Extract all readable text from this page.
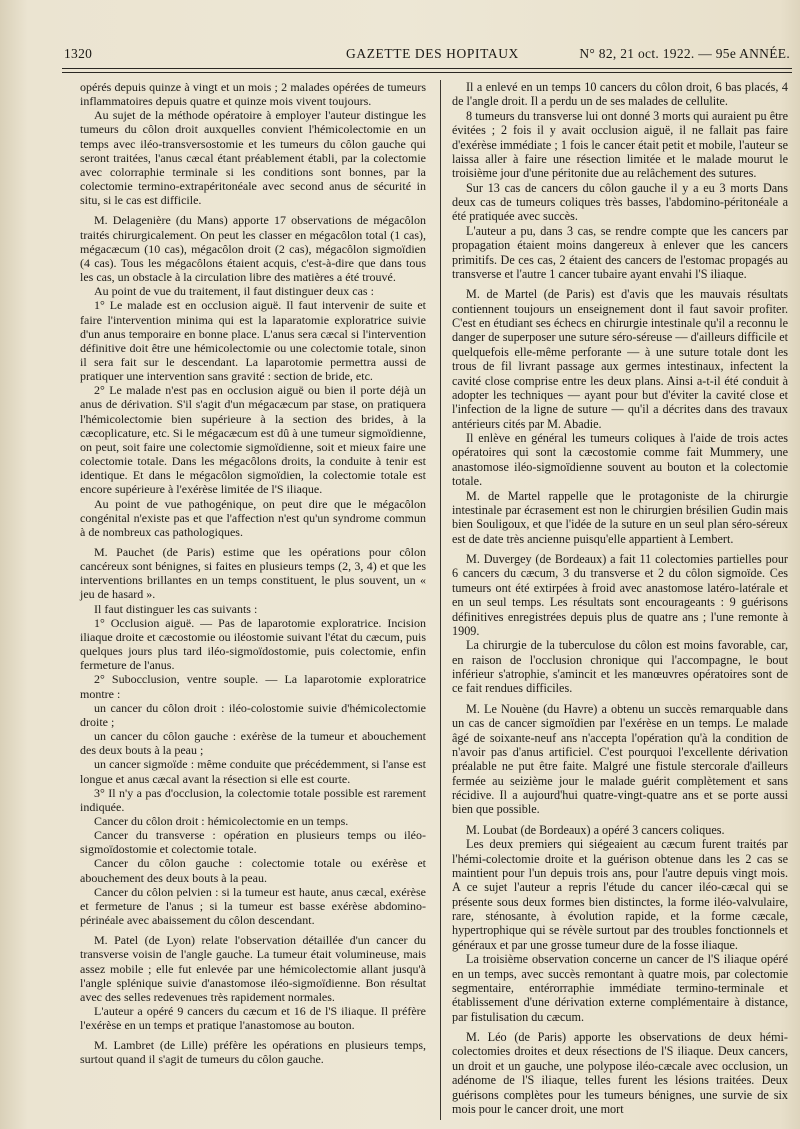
1320	GAZETTE DES HOPITAUX	N° 82, 21 oct. 1922. — 95e ANNÉE.

opérés depuis quinze à vingt et un mois ; 2 malades opérées de tumeurs inflammatoires depuis quatre et quinze mois vivent toujours.

Au sujet de la méthode opératoire à employer l'auteur distingue les tumeurs du côlon droit auxquelles convient l'hémicolectomie en un temps avec iléo-transversostomie et les tumeurs du côlon gauche qui seront traitées, l'anus cæcal étant préablement établi, par la colectomie avec colorraphie terminale si les conditions sont bonnes, par la colectomie termino-extrapéritonéale avec second anus de sécurité in situ, si le cas est difficile.

M. Delagenière (du Mans) apporte 17 observations de mégacôlon traités chirurgicalement. On peut les classer en mégacôlon total (1 cas), mégacæcum (10 cas), mégacôlon droit (2 cas), mégacôlon sigmoïdien (4 cas). Tous les mégacôlons étaient acquis, c'est-à-dire que dans tous les cas, un obstacle à la circulation libre des matières a été trouvé.

Au point de vue du traitement, il faut distinguer deux cas :

1° Le malade est en occlusion aiguë. Il faut intervenir de suite et faire l'intervention minima qui est la laparatomie exploratrice suivie d'un anus temporaire en bonne place. L'anus sera cæcal si l'intervention définitive doit être une hémicolectomie ou une colectomie totale, sinon il sera fait sur le descendant. La laparotomie permettra aussi de pratiquer une intervention sans gravité : section de bride, etc.

2° Le malade n'est pas en occlusion aiguë ou bien il porte déjà un anus de dérivation. S'il s'agit d'un mégacæcum par stase, on pratiquera l'hémicolectomie bien supérieure à la section des brides, à la cæcoplicature, etc. Si le mégacæcum est dû à une tumeur sigmoïdienne, on peut, soit faire une colectomie sigmoïdienne, soit et mieux faire une colectomie totale. Dans les mégacôlons droits, la conduite à tenir est identique. Et dans le mégacôlon sigmoïdien, la colectomie totale est encore supérieure à l'exérèse limitée de l'S iliaque.

Au point de vue pathogénique, on peut dire que le mégacôlon congénital n'existe pas et que l'affection n'est qu'un syndrome commun à de nombreux cas pathologiques.

M. Pauchet (de Paris) estime que les opérations pour côlon cancéreux sont bénignes, si faites en plusieurs temps (2, 3, 4) et que les interventions brillantes en un temps constituent, le plus souvent, un « jeu de hasard ».

Il faut distinguer les cas suivants :

1° Occlusion aiguë. — Pas de laparotomie exploratrice. Incision iliaque droite et cæcostomie ou iléostomie suivant l'état du cæcum, puis quelques jours plus tard iléo-sigmoïdostomie, puis colectomie, enfin fermeture de l'anus.

2° Subocclusion, ventre souple. — La laparotomie exploratrice montre :

un cancer du côlon droit : iléo-colostomie suivie d'hémicolectomie droite ;

un cancer du côlon gauche : exérèse de la tumeur et abouchement des deux bouts à la peau ;

un cancer sigmoïde : même conduite que précédemment, si l'anse est longue et anus cæcal avant la résection si elle est courte.

3° Il n'y a pas d'occlusion, la colectomie totale possible est rarement indiquée.

Cancer du côlon droit : hémicolectomie en un temps.

Cancer du transverse : opération en plusieurs temps ou iléo-sigmoïdostomie et colectomie totale.

Cancer du côlon gauche : colectomie totale ou exérèse et abouchement des deux bouts à la peau.

Cancer du côlon pelvien : si la tumeur est haute, anus cæcal, exérèse et fermeture de l'anus ; si la tumeur est basse exérèse abdomino-périnéale avec abaissement du côlon descendant.

M. Patel (de Lyon) relate l'observation détaillée d'un cancer du transverse voisin de l'angle gauche. La tumeur était volumineuse, mais assez mobile ; elle fut enlevée par une hémicolectomie allant jusqu'à l'angle splénique suivie d'anastomose iléo-sigmoïdienne. Bon résultat avec des selles redevenues très rapidement normales.

L'auteur a opéré 9 cancers du cæcum et 16 de l'S iliaque. Il préfère l'exérèse en un temps et pratique l'anastomose au bouton.

M. Lambret (de Lille) préfère les opérations en plusieurs temps, surtout quand il s'agit de tumeurs du côlon gauche.

Il a enlevé en un temps 10 cancers du côlon droit, 6 bas placés, 4 de l'angle droit. Il a perdu un de ses malades de cellulite.

8 tumeurs du transverse lui ont donné 3 morts qui auraient pu être évitées ; 2 fois il y avait occlusion aiguë, il ne fallait pas faire d'exérèse immédiate ; 1 fois le cancer était petit et mobile, l'auteur se laissa aller à faire une résection limitée et le malade mourut le troisième jour d'une péritonite due au relâchement des sutures.

Sur 13 cas de cancers du côlon gauche il y a eu 3 morts Dans deux cas de tumeurs coliques très basses, l'abdomino-péritonéale a été pratiquée avec succès.

L'auteur a pu, dans 3 cas, se rendre compte que les cancers par propagation étaient moins dangereux à enlever que les cancers primitifs. De ces cas, 2 étaient des cancers de l'estomac propagés au transverse et l'autre 1 cancer tubaire ayant envahi l'S iliaque.

M. de Martel (de Paris) est d'avis que les mauvais résultats contiennent toujours un enseignement dont il faut savoir profiter. C'est en étudiant ses échecs en chirurgie intestinale qu'il a reconnu le danger de superposer une suture séro-séreuse — d'ailleurs difficile et quelquefois elle-même perforante — à une suture totale dont les trous de fil livrant passage aux germes intestinaux, infectent la cavité close comprise entre les deux plans. Ainsi a-t-il été conduit à adopter les techniques — ayant pour but d'éviter la cavité close et l'infection de la ligne de suture — qu'il a décrites dans des travaux antérieurs cités par M. Abadie.

Il enlève en général les tumeurs coliques à l'aide de trois actes opératoires qui sont la cæcostomie comme fait Mummery, une anastomose iléo-sigmoïdienne souvent au bouton et la colectomie totale.

M. de Martel rappelle que le protagoniste de la chirurgie intestinale par écrasement est non le chirurgien brésilien Gudin mais bien Souligoux, et que l'idée de la suture en un seul plan séro-séreux est de date très ancienne puisqu'elle appartient à Lembert.

M. Duvergey (de Bordeaux) a fait 11 colectomies partielles pour 6 cancers du cæcum, 3 du transverse et 2 du côlon sigmoïde. Ces tumeurs ont été extirpées à froid avec anastomose latéro-latérale et en un seul temps. Les résultats sont encourageants : 9 guérisons définitives enregistrées depuis plus de quatre ans ; l'une remonte à 1909.

La chirurgie de la tuberculose du côlon est moins favorable, car, en raison de l'occlusion chronique qui l'accompagne, le bout inférieur s'atrophie, s'amincit et les manœuvres opératoires sont de ce fait rendues difficiles.

M. Le Nouène (du Havre) a obtenu un succès remarquable dans un cas de cancer sigmoïdien par l'exérèse en un temps. Le malade âgé de soixante-neuf ans n'accepta l'opération qu'à la condition de n'avoir pas d'anus artificiel. C'est pourquoi l'excellente dérivation préalable ne put être faite. Malgré une fistule stercorale d'ailleurs fermée au seizième jour le malade guérit complètement et sans récidive. Il a aujourd'hui quatre-vingt-quatre ans et se porte aussi bien que possible.

M. Loubat (de Bordeaux) a opéré 3 cancers coliques.

Les deux premiers qui siégeaient au cæcum furent traités par l'hémi-colectomie droite et la guérison obtenue dans les 2 cas se maintient pour l'un depuis trois ans, pour l'autre depuis vingt mois. A ce sujet l'auteur a repris l'étude du cancer iléo-cæcal qui se présente sous deux formes bien distinctes, la forme iléo-valvulaire, rare, sténosante, à évolution rapide, et la forme cæcale, hypertrophique qui se révèle surtout par des troubles fonctionnels et généraux et par une grosse tumeur dure de la fosse iliaque.

La troisième observation concerne un cancer de l'S iliaque opéré en un temps, avec succès remontant à quatre mois, par colectomie segmentaire, entérorraphie immédiate termino-terminale et établissement d'une dérivation externe complémentaire à distance, par fistulisation du cæcum.

M. Léo (de Paris) apporte les observations de deux hémi-colectomies droites et deux résections de l'S iliaque. Deux cancers, un droit et un gauche, une polypose iléo-cæcale avec occlusion, un adénome de l'S iliaque, telles furent les lésions traitées. Deux guérisons complètes pour les tumeurs bénignes, une survie de six mois pour le cancer droit, une mort
